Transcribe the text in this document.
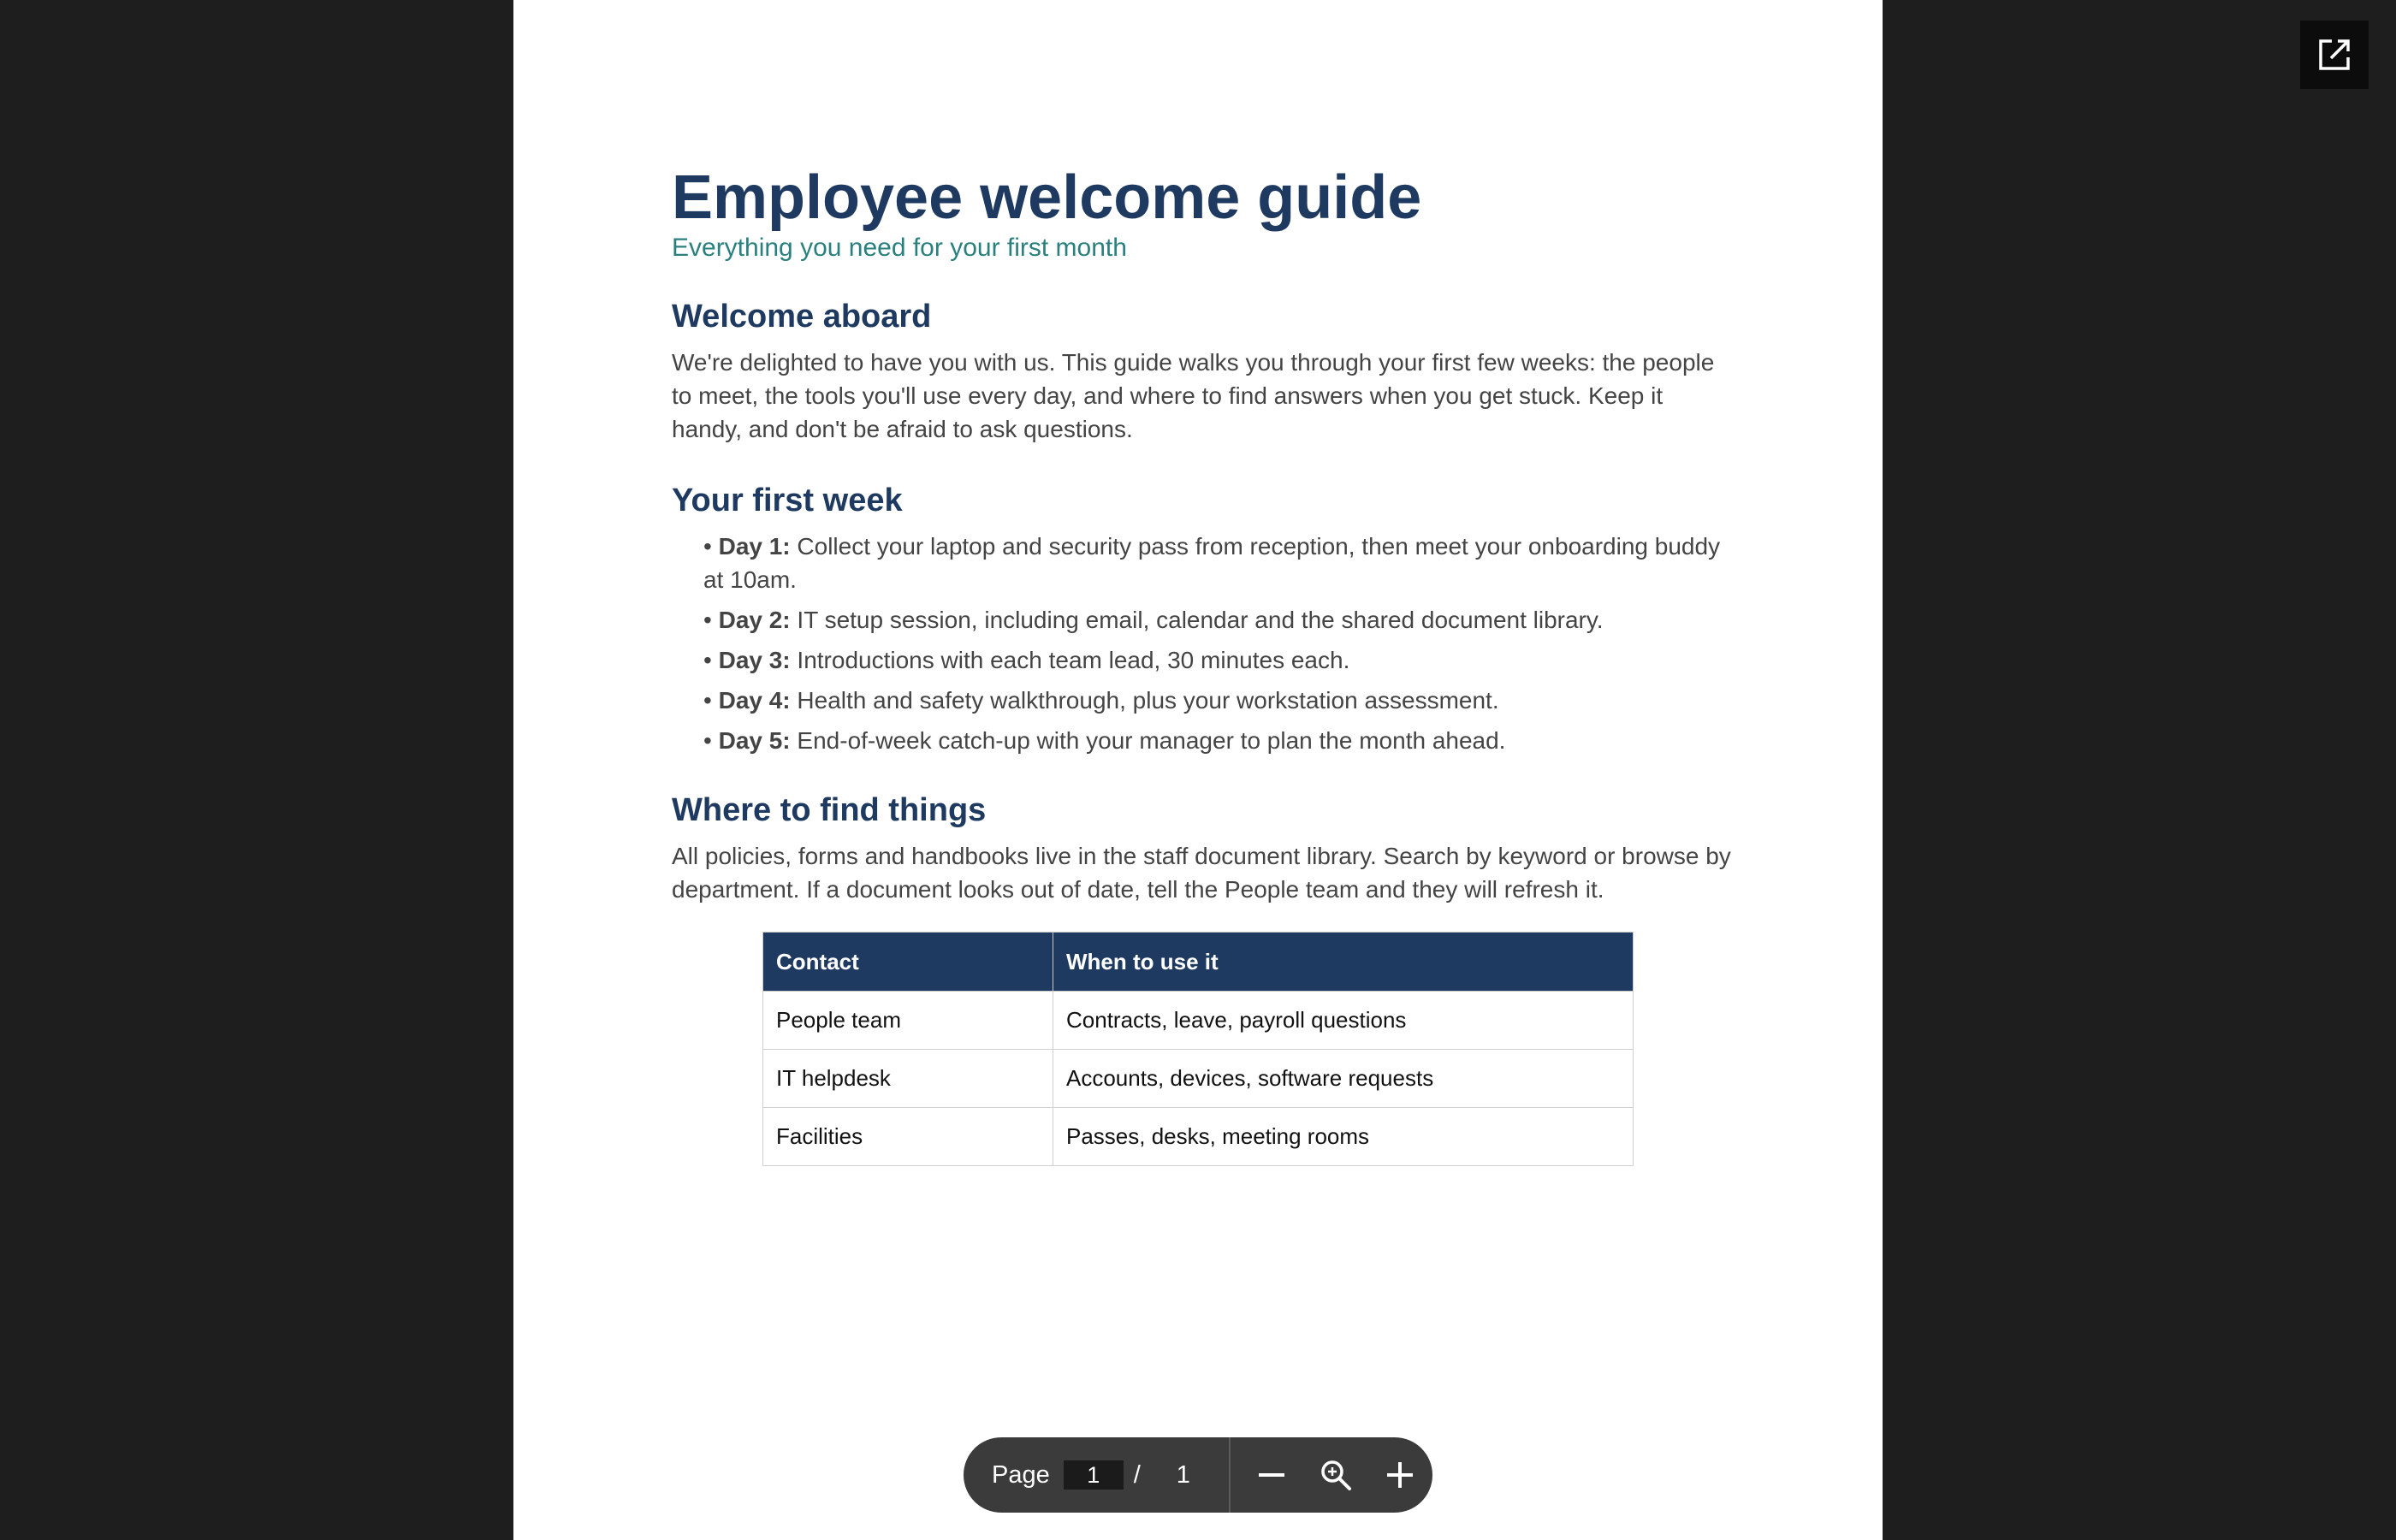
Employee welcome guide

Everything you need for your first month

Welcome aboard

We're delighted to have you with us. This guide walks you through your first few weeks: the people to meet, the tools you'll use every day, and where to find answers when you get stuck. Keep it handy, and don't be afraid to ask questions.

Your first week
• Day 1: Collect your laptop and security pass from reception, then meet your onboarding buddy at 10am.
• Day 2: IT setup session, including email, calendar and the shared document library.
• Day 3: Introductions with each team lead, 30 minutes each.
• Day 4: Health and safety walkthrough, plus your workstation assessment.
• Day 5: End-of-week catch-up with your manager to plan the month ahead.
Where to find things

All policies, forms and handbooks live in the staff document library. Search by keyword or browse by department. If a document looks out of date, tell the People team and they will refresh it.

Contact	When to use it
People team	Contracts, leave, payroll questions
IT helpdesk	Accounts, devices, software requests
Facilities	Passes, desks, meeting rooms
Page
1	/ 1
